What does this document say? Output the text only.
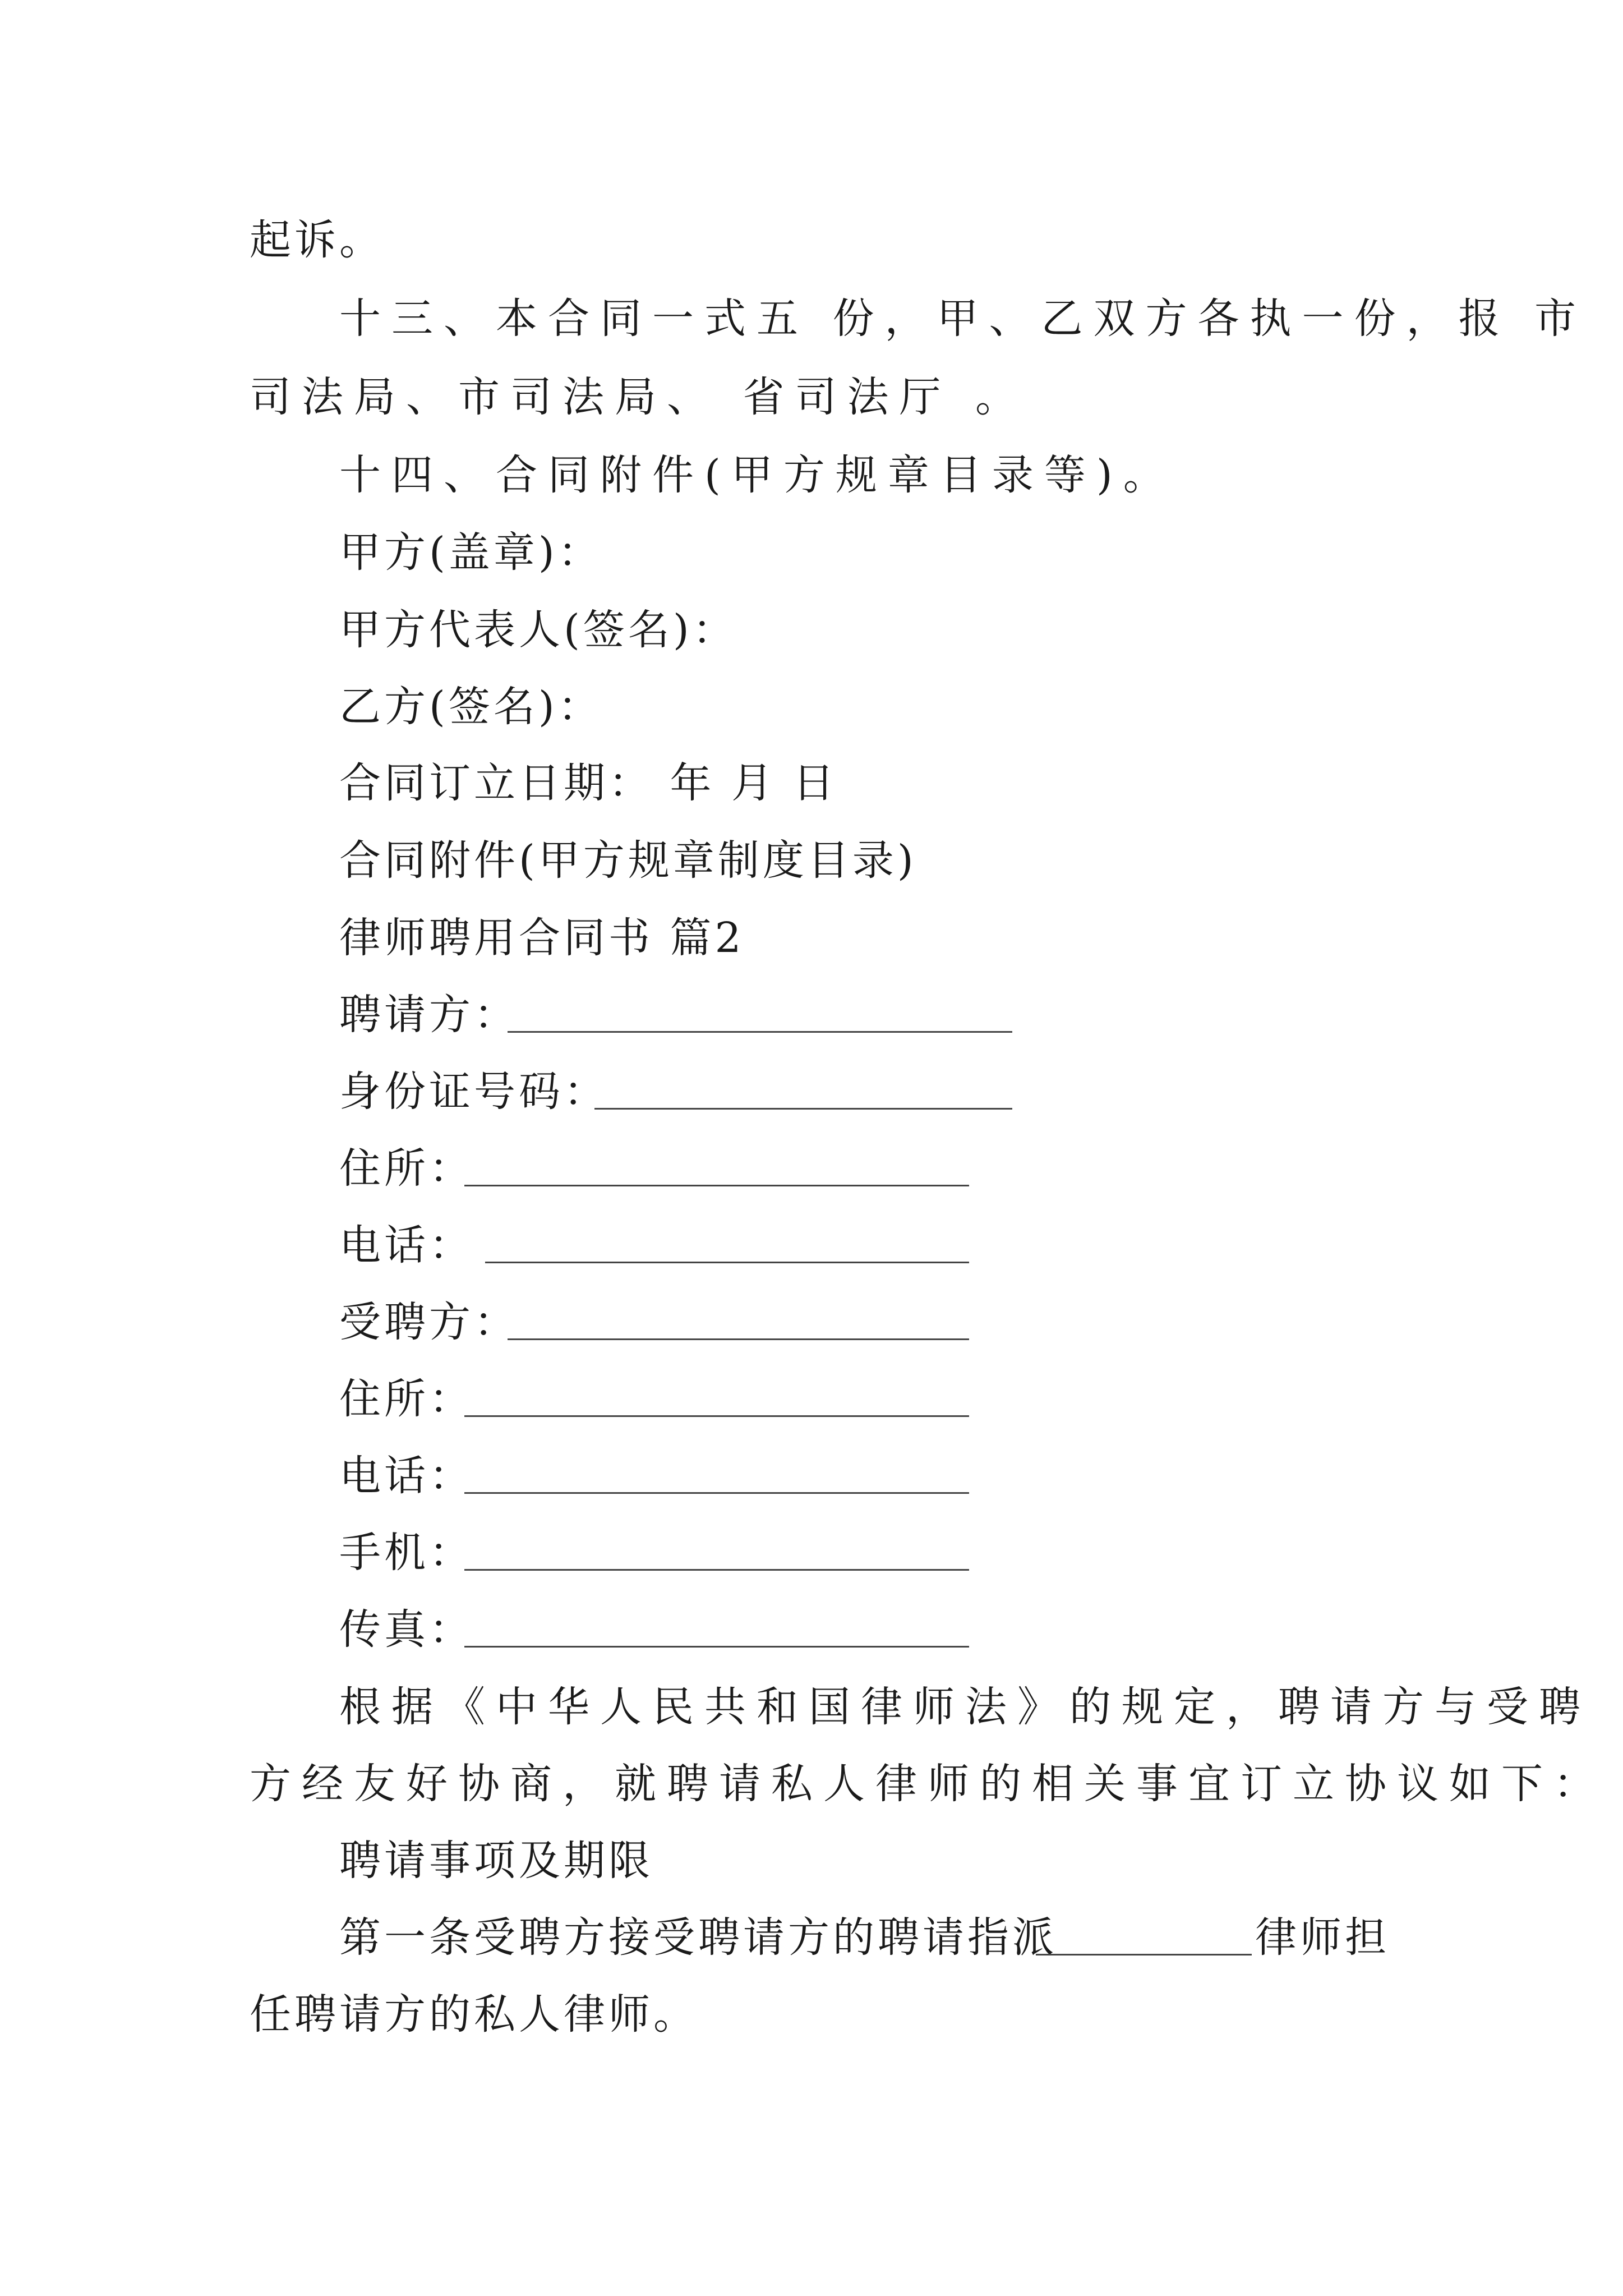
起诉。
十三、本合同一式五 份，甲、乙双方各执一份，报 市
司法局、市司法局、 省司法厅 。
十四、合同附件(甲方规章目录等)。
甲方(盖章)：
甲方代表人(签名)：
乙方(签名)：
合同订立日期： 年 月 日
合同附件(甲方规章制度目录)
律师聘用合同书 篇2
聘请方：
身份证号码：
住所：
电话：
受聘方：
住所：
电话：
手机：
传真：
根据《中华人民共和国律师法》的规定，聘请方与受聘
方经友好协商，就聘请私人律师的相关事宜订立协议如下：
聘请事项及期限
第一条受聘方接受聘请方的聘请指派	律师担
任聘请方的私人律师。
